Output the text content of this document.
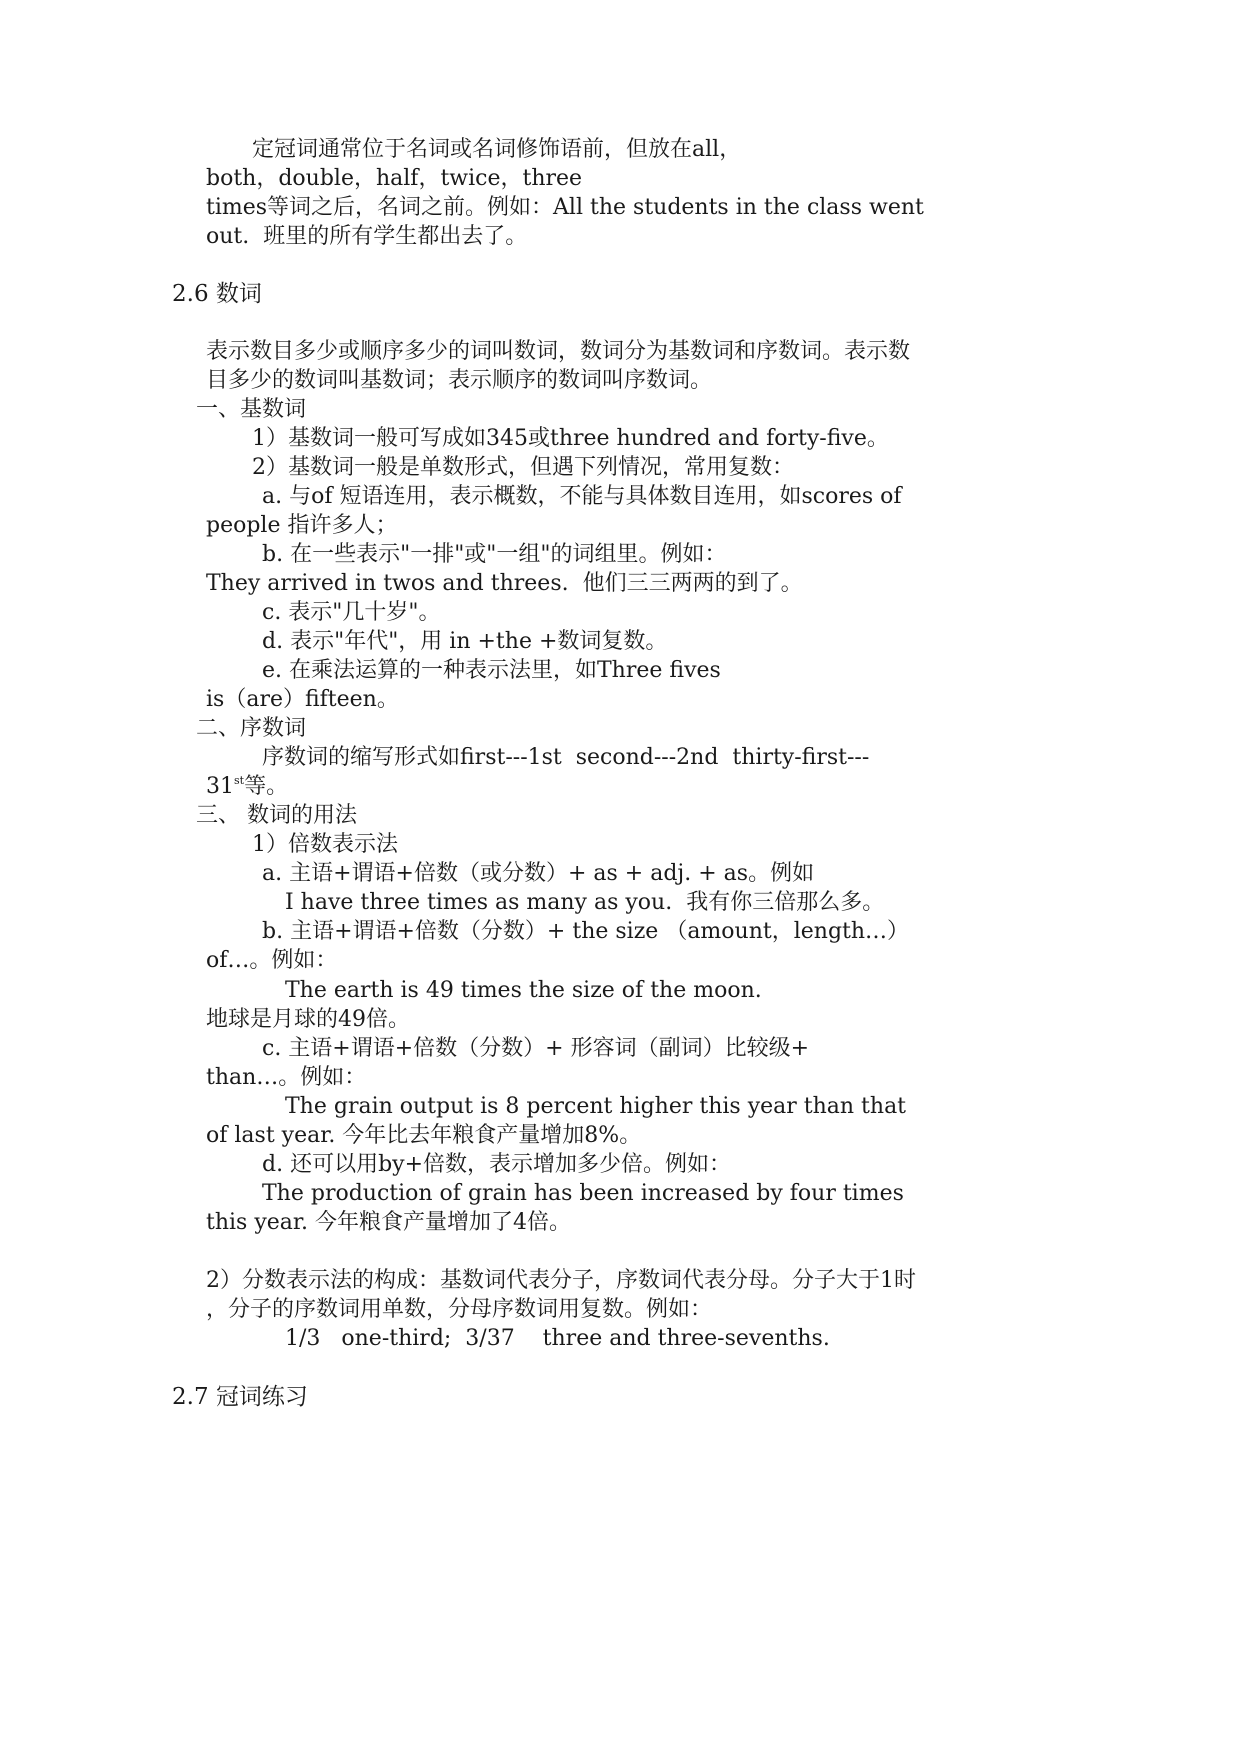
定冠词通常位于名词或名词修饰语前，但放在all，
both，double，half，twice，three
times等词之后，名词之前。例如：All the students in the class went
out.  班里的所有学生都出去了。
2.6 数词
表示数目多少或顺序多少的词叫数词，数词分为基数词和序数词。表示数
目多少的数词叫基数词；表示顺序的数词叫序数词。
一、基数词
1）基数词一般可写成如345或three hundred and forty-five。
2）基数词一般是单数形式，但遇下列情况，常用复数：
a. 与of 短语连用，表示概数，不能与具体数目连用，如scores of
people 指许多人；
b. 在一些表示"一排"或"一组"的词组里。例如：
They arrived in twos and threes.  他们三三两两的到了。
c. 表示"几十岁"。
d. 表示"年代"，用 in +the +数词复数。
e. 在乘法运算的一种表示法里，如Three fives
is（are）fifteen。
二、序数词
序数词的缩写形式如first---1st  second---2nd  thirty-first---
31st等。
三、 数词的用法
1）倍数表示法
a. 主语+谓语+倍数（或分数）+ as + adj. + as。例如
I have three times as many as you.  我有你三倍那么多。
b. 主语+谓语+倍数（分数）+ the size （amount，length…）
of…。例如：
The earth is 49 times the size of the moon.
地球是月球的49倍。
c. 主语+谓语+倍数（分数）+ 形容词（副词）比较级+
than…。例如：
The grain output is 8 percent higher this year than that
of last year. 今年比去年粮食产量增加8%。
d. 还可以用by+倍数，表示增加多少倍。例如：
The production of grain has been increased by four times
this year. 今年粮食产量增加了4倍。
2）分数表示法的构成：基数词代表分子，序数词代表分母。分子大于1时
，分子的序数词用单数，分母序数词用复数。例如：
1/3   one-third;  3/37    three and three-sevenths.
2.7 冠词练习
